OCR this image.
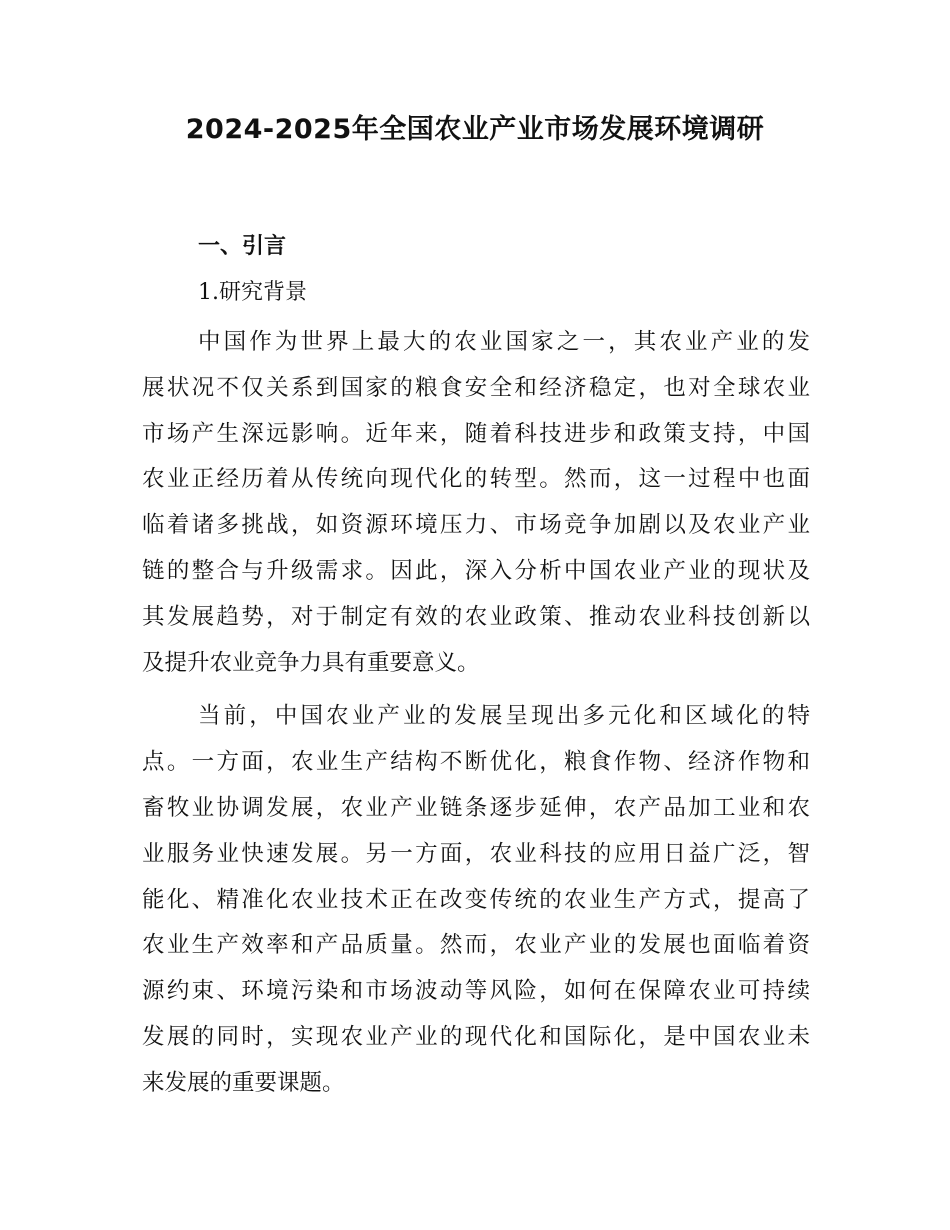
2024-2025年全国农业产业市场发展环境调研
一、引言
1.研究背景

中国作为世界上最大的农业国家之一，其农业产业的发
展状况不仅关系到国家的粮食安全和经济稳定，也对全球农业
市场产生深远影响。近年来，随着科技进步和政策支持，中国
农业正经历着从传统向现代化的转型。然而，这一过程中也面
临着诸多挑战，如资源环境压力、市场竞争加剧以及农业产业
链的整合与升级需求。因此，深入分析中国农业产业的现状及
其发展趋势，对于制定有效的农业政策、推动农业科技创新以
及提升农业竞争力具有重要意义。

当前，中国农业产业的发展呈现出多元化和区域化的特
点。一方面，农业生产结构不断优化，粮食作物、经济作物和
畜牧业协调发展，农业产业链条逐步延伸，农产品加工业和农
业服务业快速发展。另一方面，农业科技的应用日益广泛，智
能化、精准化农业技术正在改变传统的农业生产方式，提高了
农业生产效率和产品质量。然而，农业产业的发展也面临着资
源约束、环境污染和市场波动等风险，如何在保障农业可持续
发展的同时，实现农业产业的现代化和国际化，是中国农业未
来发展的重要课题。
